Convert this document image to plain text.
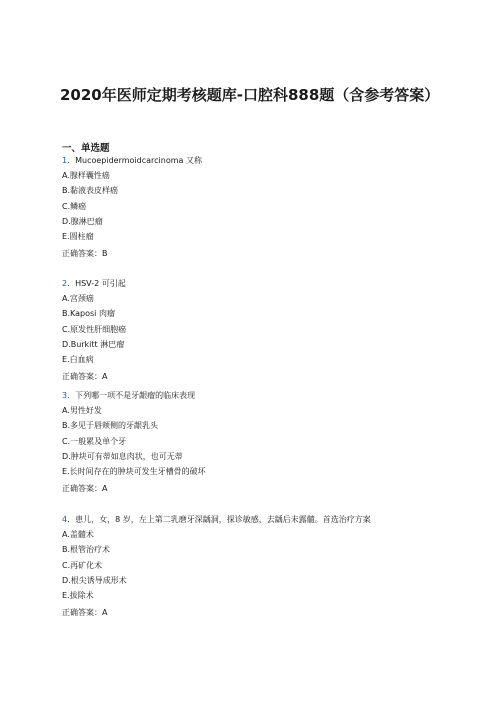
2020年医师定期考核题库-口腔科888题（含参考答案）
一、单选题
1．Mucoepidermoidcarcinoma 又称
A.腺样囊性癌
B.黏液表皮样癌
C.鳞癌
D.腺淋巴瘤
E.圆柱瘤
正确答案：B
2．HSV-2 可引起
A.宫颈癌
B.Kaposi 肉瘤
C.原发性肝细胞癌
D.Burkitt 淋巴瘤
E.白血病
正确答案：A
3．下列哪一项不是牙龈瘤的临床表现
A.男性好发
B.多见于唇颊侧的牙龈乳头
C.一般累及单个牙
D.肿块可有蒂如息肉状，也可无蒂
E.长时间存在的肿块可发生牙槽骨的破坏
正确答案：A
4．患儿，女，8 岁，左上第二乳磨牙深龋洞，探诊敏感，去龋后未露髓。首选治疗方案
A.盖髓术
B.根管治疗术
C.再矿化术
D.根尖诱导成形术
E.拔除术
正确答案：A
